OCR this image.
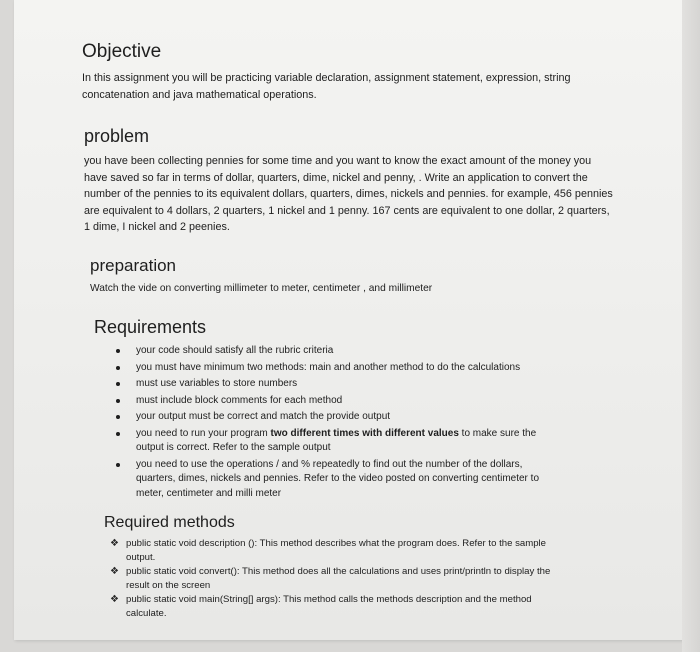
Objective

In this assignment you will be practicing variable declaration, assignment statement, expression, string concatenation and java mathematical operations.

problem

you have been collecting pennies for some time and you want to know the exact amount of the money you have saved so far in terms of dollar, quarters, dime, nickel and penny, . Write an application to convert the number of the pennies to its equivalent dollars, quarters, dimes, nickels and pennies. for example, 456 pennies are equivalent to 4 dollars, 2 quarters, 1 nickel and 1 penny. 167 cents are equivalent to one dollar, 2 quarters, 1 dime, I nickel and 2 peenies.

preparation

Watch the vide on converting millimeter to meter, centimeter , and millimeter

Requirements
your code should satisfy all the rubric criteria
you must have minimum two methods: main and another method to do the calculations
must use variables to store numbers
must include block comments for each method
your output must be correct and match the provide output
you need to run your program two different times with different values to make sure the output is correct. Refer to the sample output
you need to use the operations / and % repeatedly to find out the number of the dollars, quarters, dimes, nickels and pennies. Refer to the video posted on converting centimeter to meter, centimeter and milli meter
Required methods
❖ public static void description (): This method describes what the program does. Refer to the sample output.
❖ public static void convert(): This method does all the calculations and uses print/println to display the result on the screen
❖ public static void main(String[] args): This method calls the methods description and the method calculate.
